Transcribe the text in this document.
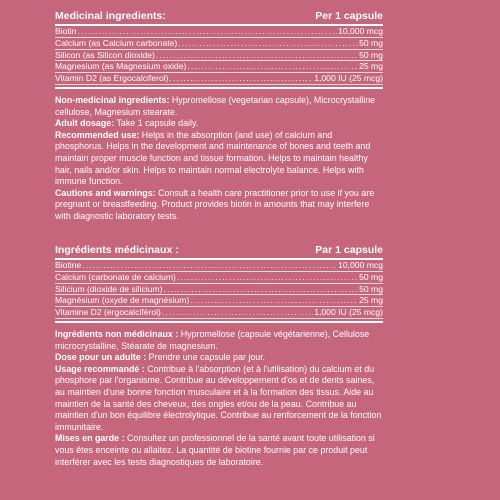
Medicinal ingredients:	Per 1 capsule
Biotin .....	10,000 mcg
Calcium (as Calcium carbonate) .....	50 mg
Silicon (as Silicon dioxide) .....	50 mg
Magnesium (as Magnesium oxide) .....	25 mg
Vitamin D2 (as Ergocalciferol) .....	1,000 IU (25 mcg)

Non-medicinal ingredients: Hypromellose (vegetarian capsule), Microcrystalline cellulose, Magnesium stearate.

Adult dosage: Take 1 capsule daily.

Recommended use: Helps in the absorption (and use) of calcium and phosphorus. Helps in the development and maintenance of bones and teeth and maintain proper muscle function and tissue formation. Helps to maintain healthy hair, nails and/or skin. Helps to maintain normal electrolyte balance. Helps with immune function.

Cautions and warnings: Consult a health care practitioner prior to use if you are pregnant or breastfeeding. Product provides biotin in amounts that may interfere with diagnostic laboratory tests.

Ingrédients médicinaux :	Par 1 capsule
Biotine .....	10,000 mcg
Calcium (carbonate de calcium) .....	50 mg
Silicium (dioxide de silicium) .....	50 mg
Magnésium (oxyde de magnésium) .....	25 mg
Vitamine D2 (ergocalciférol) .....	1,000 IU (25 mcg)

Ingrédients non médicinaux : Hypromellose (capsule végétarienne), Cellulose microcrystalline, Stéarate de magnesium.

Dose pour un adulte : Prendre une capsule par jour.

Usage recommandé : Contribue à l'absorption (et à l'utilisation) du calcium et du phosphore par l'organisme. Contribue au développement d'os et de dents saines, au maintien d'une bonne fonction musculaire et à la formation des tissus. Aide au maintien de la santé des cheveux, des ongles et/ou de la peau. Contribue au maintien d'un bon équilibre électrolytique. Contribue au renforcement de la fonction immunitaire.

Mises en garde : Consultez un professionnel de la santé avant toute utilisation si vous êtes enceinte ou allaitez. La quantité de biotine fournie par ce produit peut interférer avec les tests diagnostiques de laboratoire.
